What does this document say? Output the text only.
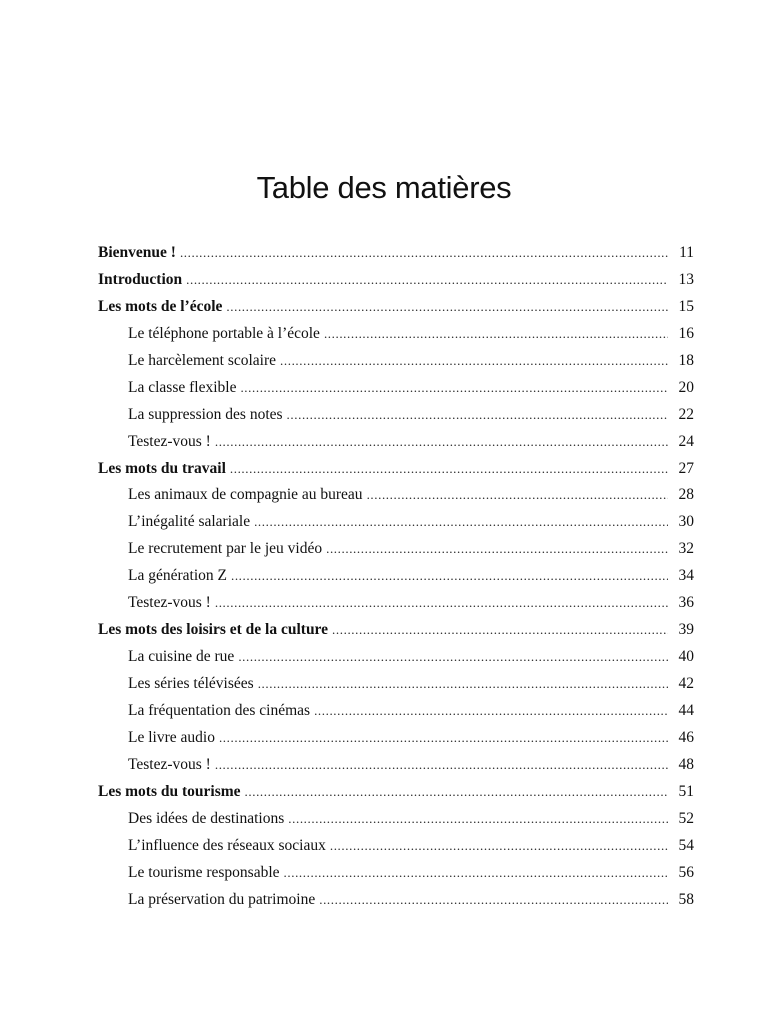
Table des matières
Bienvenue ! .....	11
Introduction .....	13
Les mots de l’école .....	15
Le téléphone portable à l’école .....	16
Le harcèlement scolaire .....	18
La classe flexible .....	20
La suppression des notes .....	22
Testez-vous ! .....	24
Les mots du travail .....	27
Les animaux de compagnie au bureau .....	28
L’inégalité salariale .....	30
Le recrutement par le jeu vidéo .....	32
La génération Z .....	34
Testez-vous ! .....	36
Les mots des loisirs et de la culture .....	39
La cuisine de rue .....	40
Les séries télévisées .....	42
La fréquentation des cinémas .....	44
Le livre audio .....	46
Testez-vous ! .....	48
Les mots du tourisme .....	51
Des idées de destinations .....	52
L’influence des réseaux sociaux .....	54
Le tourisme responsable .....	56
La préservation du patrimoine .....	58
